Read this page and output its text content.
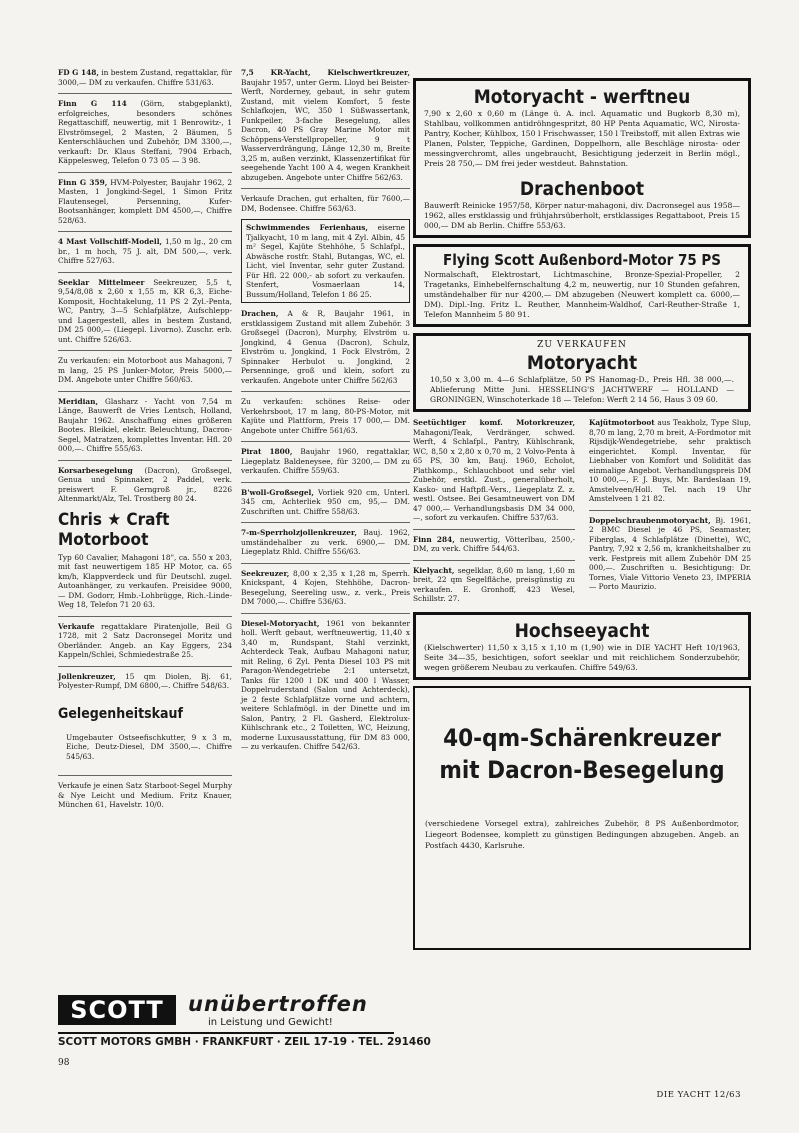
FD G 148, in bestem Zustand, regattaklar, für 3000,— DM zu verkaufen. Chiffre 531/63.
Finn G 114 (Görn, stabgeplankt), erfolgreiches, besonders schönes Regattaschiff, neuwertig, mit 1 Benrowitz-, 1 Elvströmsegel, 2 Masten, 2 Bäumen, 5 Kenterschläuchen und Zubehör, DM 3300,—, verkauft: Dr. Klaus Steffani, 7904 Erbach, Käppelesweg, Telefon 0 73 05 — 3 98.
Finn G 359, HVM-Polyester, Baujahr 1962, 2 Masten, 1 Jongkind-Segel, 1 Simon Fritz Flautensegel, Persenning, Kufer-Bootsanhänger, komplett DM 4500,—, Chiffre 528/63.
4 Mast Vollschiff-Modell, 1,50 m lg., 20 cm br., 1 m hoch, 75 J. alt, DM 500,—, verk. Chiffre 527/63.
Seeklar Mittelmeer Seekreuzer, 5,5 t, 9,54/8,08 x 2,60 x 1,55 m, KR 6,3, Eiche-Komposit, Hochtakelung, 11 PS 2 Zyl.-Penta, WC, Pantry, 3—5 Schlafplätze, Aufschlepp- und Lagergestell, alles in bestem Zustand, DM 25 000,— (Liegepl. Livorno). Zuschr. erb. unt. Chiffre 526/63.
Zu verkaufen: ein Motorboot aus Mahagoni, 7 m lang, 25 PS Junker-Motor, Preis 5000,— DM. Angebote unter Chiffre 560/63.
Meridian, Glasharz - Yacht von 7,54 m Länge, Bauwerft de Vries Lentsch, Holland, Baujahr 1962. Anschaffung eines größeren Bootes. Bleikiel, elektr. Beleuchtung, Dacron-Segel, Matratzen, komplettes Inventar. Hfl. 20 000,—. Chiffre 555/63.
Korsarbesegelung (Dacron), Großsegel, Genua und Spinnaker, 2 Paddel, verk. preiswert F. Gerngroß jr., 8226 Altenmarkt/Alz, Tel. Trostberg 80 24.
Chris ★ Craft
Motorboot
Typ 60 Cavalier, Mahagoni 18", ca. 550 x 203, mit fast neuwertigem 185 HP Motor, ca. 65 km/h, Klappverdeck und für Deutschl. zugel. Autoanhänger, zu verkaufen. Preisidee 9000,— DM. Godorr, Hmb.-Lohbrügge, Rich.-Linde-Weg 18, Telefon 71 20 63.
Verkaufe regattaklare Piratenjolle, Beil G 1728, mit 2 Satz Dacronsegel Moritz und Oberländer. Angeb. an Kay Eggers, 234 Kappeln/Schlei, Schmiedestraße 25.
Jollenkreuzer, 15 qm Diolen, Bj. 61, Polyester-Rumpf, DM 6800,—. Chiffre 548/63.
Gelegenheitskauf
Umgebauter Ostseefischkutter, 9 x 3 m, Eiche, Deutz-Diesel, DM 3500,—. Chiffre 545/63.
Verkaufe je einen Satz Starboot-Segel Murphy & Nye Leicht und Medium. Fritz Knauer, München 61, Havelstr. 10/0.
7,5 KR-Yacht, Kielschwertkreuzer, Baujahr 1957, unter Germ. Lloyd bei Beister-Werft, Norderney, gebaut, in sehr gutem Zustand, mit vielem Komfort, 5 feste Schlafkojen, WC, 350 l Süßwassertank, Funkpeiler, 3-fache Besegelung, alles Dacron, 40 PS Gray Marine Motor mit Schöppens-Verstellpropeller, 9 t Wasserverdrängung, Länge 12,30 m, Breite 3,25 m, außen verzinkt, Klassenzertifikat für seegehende Yacht 100 A 4, wegen Krankheit abzugeben. Angebote unter Chiffre 562/63.
Verkaufe Drachen, gut erhalten, für 7600,— DM, Bodensee. Chiffre 563/63.
Schwimmendes Ferienhaus, eiserne Tjalkyacht, 10 m lang, mit 4 Zyl. Albin, 45 m² Segel, Kajüte Stehhöhe, 5 Schlafpl., Abwäsche rostfr. Stahl, Butangas, WC, el. Licht, viel Inventar, sehr guter Zustand. Für Hfl. 22 000,- ab sofort zu verkaufen. Stenfert, Vosmaerlaan 14, Bussum/Holland, Telefon 1 86 25.
Drachen, A & R, Baujahr 1961, in erstklassigem Zustand mit allem Zubehör. 3 Großsegel (Dacron), Murphy, Elvström u. Jongkind, 4 Genua (Dacron), Schulz, Elvström u. Jongkind, 1 Fock Elvström, 2 Spinnaker Herbulot u. Jongkind, 2 Persenninge, groß und klein, sofort zu verkaufen. Angebote unter Chiffre 562/63
Zu verkaufen: schönes Reise- oder Verkehrsboot, 17 m lang, 80-PS-Motor, mit Kajüte und Plattform, Preis 17 000,— DM. Angebote unter Chiffre 561/63.
Pirat 1800, Baujahr 1960, regattaklar, Liegeplatz Baldeneysee, für 3200,— DM zu verkaufen. Chiffre 559/63.
B'woll-Großsegel, Vorliek 920 cm, Unterl. 345 cm, Achterliek 950 cm, 95,— DM. Zuschriften unt. Chiffre 558/63.
7-m-Sperrholzjollenkreuzer, Bauj. 1962, umständehalber zu verk. 6900,— DM. Liegeplatz Rhld. Chiffre 556/63.
Seekreuzer, 8,00 x 2,35 x 1,28 m, Sperrh. Knickspant, 4 Kojen, Stehhöhe, Dacron-Besegelung, Seereling usw., z. verk., Preis DM 7000,—. Chiffre 536/63.
Diesel-Motoryacht, 1961 von bekannter holl. Werft gebaut, werftneuwertig, 11,40 x 3,40 m, Rundspant, Stahl verzinkt, Achterdeck Teak, Aufbau Mahagoni natur, mit Reling, 6 Zyl. Penta Diesel 103 PS mit Paragon-Wendegetriebe 2:1 untersetzt, Tanks für 1200 l DK und 400 l Wasser, Doppelruderstand (Salon und Achterdeck), je 2 feste Schlafplätze vorne und achtern, weitere Schlafmögl. in der Dinette und im Salon, Pantry, 2 Fl. Gasherd, Elektrolux-Kühlschrank etc., 2 Toiletten, WC, Heizung, moderne Luxusausstattung, für DM 83 000,— zu verkaufen. Chiffre 542/63.
Motoryacht - werftneu
7,90 x 2,60 x 0,60 m (Länge ü. A. incl. Aquamatic und Bugkorb 8,30 m), Stahlbau, vollkommen antidröhngespritzt, 80 HP Penta Aquamatic, WC, Nirosta-Pantry, Kocher, Kühlbox, 150 l Frischwasser, 150 l Treibstoff, mit allen Extras wie Planen, Polster, Teppiche, Gardinen, Doppelhorn, alle Beschläge nirosta- oder messingverchromt, alles ungebraucht, Besichtigung jederzeit in Berlin mögl., Preis 28 750,— DM frei jeder westdeut. Bahnstation.
Drachenboot
Bauwerft Reinicke 1957/58, Körper natur-mahagoni, div. Dacronsegel aus 1958—1962, alles erstklassig und frühjahrsüberholt, erstklassiges Regattaboot, Preis 15 000,— DM ab Berlin. Chiffre 553/63.
Flying Scott Außenbord-Motor 75 PS
Normalschaft, Elektrostart, Lichtmaschine, Bronze-Spezial-Propeller, 2 Tragetanks, Einhebelfernschaltung 4,2 m, neuwertig, nur 10 Stunden gefahren, umständehalber für nur 4200,— DM abzugeben (Neuwert komplett ca. 6000,— DM). Dipl.-Ing. Fritz L. Reuther, Mannheim-Waldhof, Carl-Reuther-Straße 1, Telefon Mannheim 5 80 91.
ZU VERKAUFEN
Motoryacht
10,50 x 3,00 m. 4—6 Schlafplätze, 50 PS Hanomag-D., Preis Hfl. 38 000,—. Ablieferung Mitte Juni. HESSELING'S JACHTWERF — HOLLAND — GRONINGEN, Winschoterkade 18 — Telefon: Werft 2 14 56, Haus 3 09 60.
Seetüchtiger komf. Motorkreuzer, Mahagoni/Teak, Verdränger, schwed. Werft, 4 Schlafpl., Pantry, Kühlschrank, WC, 8,50 x 2,80 x 0,70 m, 2 Volvo-Penta à 65 PS, 30 km, Bauj. 1960, Echolot, Plathkomp., Schlauchboot und sehr viel Zubehör, erstkl. Zust., generalüberholt, Kasko- und Haftpfl.-Vers., Liegeplatz Z. z. westl. Ostsee. Bei Gesamtneuwert von DM 47 000,— Verhandlungsbasis DM 34 000,—, sofort zu verkaufen. Chiffre 537/63.
Finn 284, neuwertig, Vötterlbau, 2500,- DM, zu verk. Chiffre 544/63.
Kielyacht, segelklar, 8,60 m lang, 1,60 m breit, 22 qm Segelfläche, preisgünstig zu verkaufen. E. Gronhoff, 423 Wesel, Schillstr. 27.
Kajütmotorboot aus Teakholz, Type Slup, 8,70 m lang, 2,70 m breit, A-Fordmotor mit Rijsdijk-Wendegetriebe, sehr praktisch eingerichtet. Kompl. Inventar, für Liebhaber von Komfort und Solidität das einmalige Angebot. Verhandlungspreis DM 10 000,—, F. J. Buys, Mr. Bardeslaan 19, Amstelveen/Holl. Tel. nach 19 Uhr Amstelveen 1 21 82.
Doppelschraubenmotoryacht, Bj. 1961, 2 BMC Diesel je 46 PS, Seamaster, Fiberglas, 4 Schlafplätze (Dinette), WC, Pantry, 7,92 x 2,56 m, krankheitshalber zu verk. Festpreis mit allem Zubehör DM 25 000,—. Zuschriften u. Besichtigung: Dr. Tornes, Viale Vittorio Veneto 23, IMPERIA — Porto Maurizio.
Hochseeyacht
(Kielschwerter) 11,50 x 3,15 x 1,10 m (1,90) wie in DIE YACHT Heft 10/1963, Seite 34—35, besichtigen, sofort seeklar und mit reichlichem Sonderzubehör, wegen größerem Neubau zu verkaufen. Chiffre 549/63.
40-qm-Schärenkreuzer
mit Dacron-Besegelung
(verschiedene Vorsegel extra), zahlreiches Zubehör, 8 PS Außenbordmotor, Liegeort Bodensee, komplett zu günstigen Bedingungen abzugeben. Angeb. an Postfach 4430, Karlsruhe.
SCOTT	unübertroffen
in Leistung und Gewicht!
SCOTT MOTORS GMBH · FRANKFURT · ZEIL 17-19 · TEL. 291460
98
DIE YACHT 12/63
